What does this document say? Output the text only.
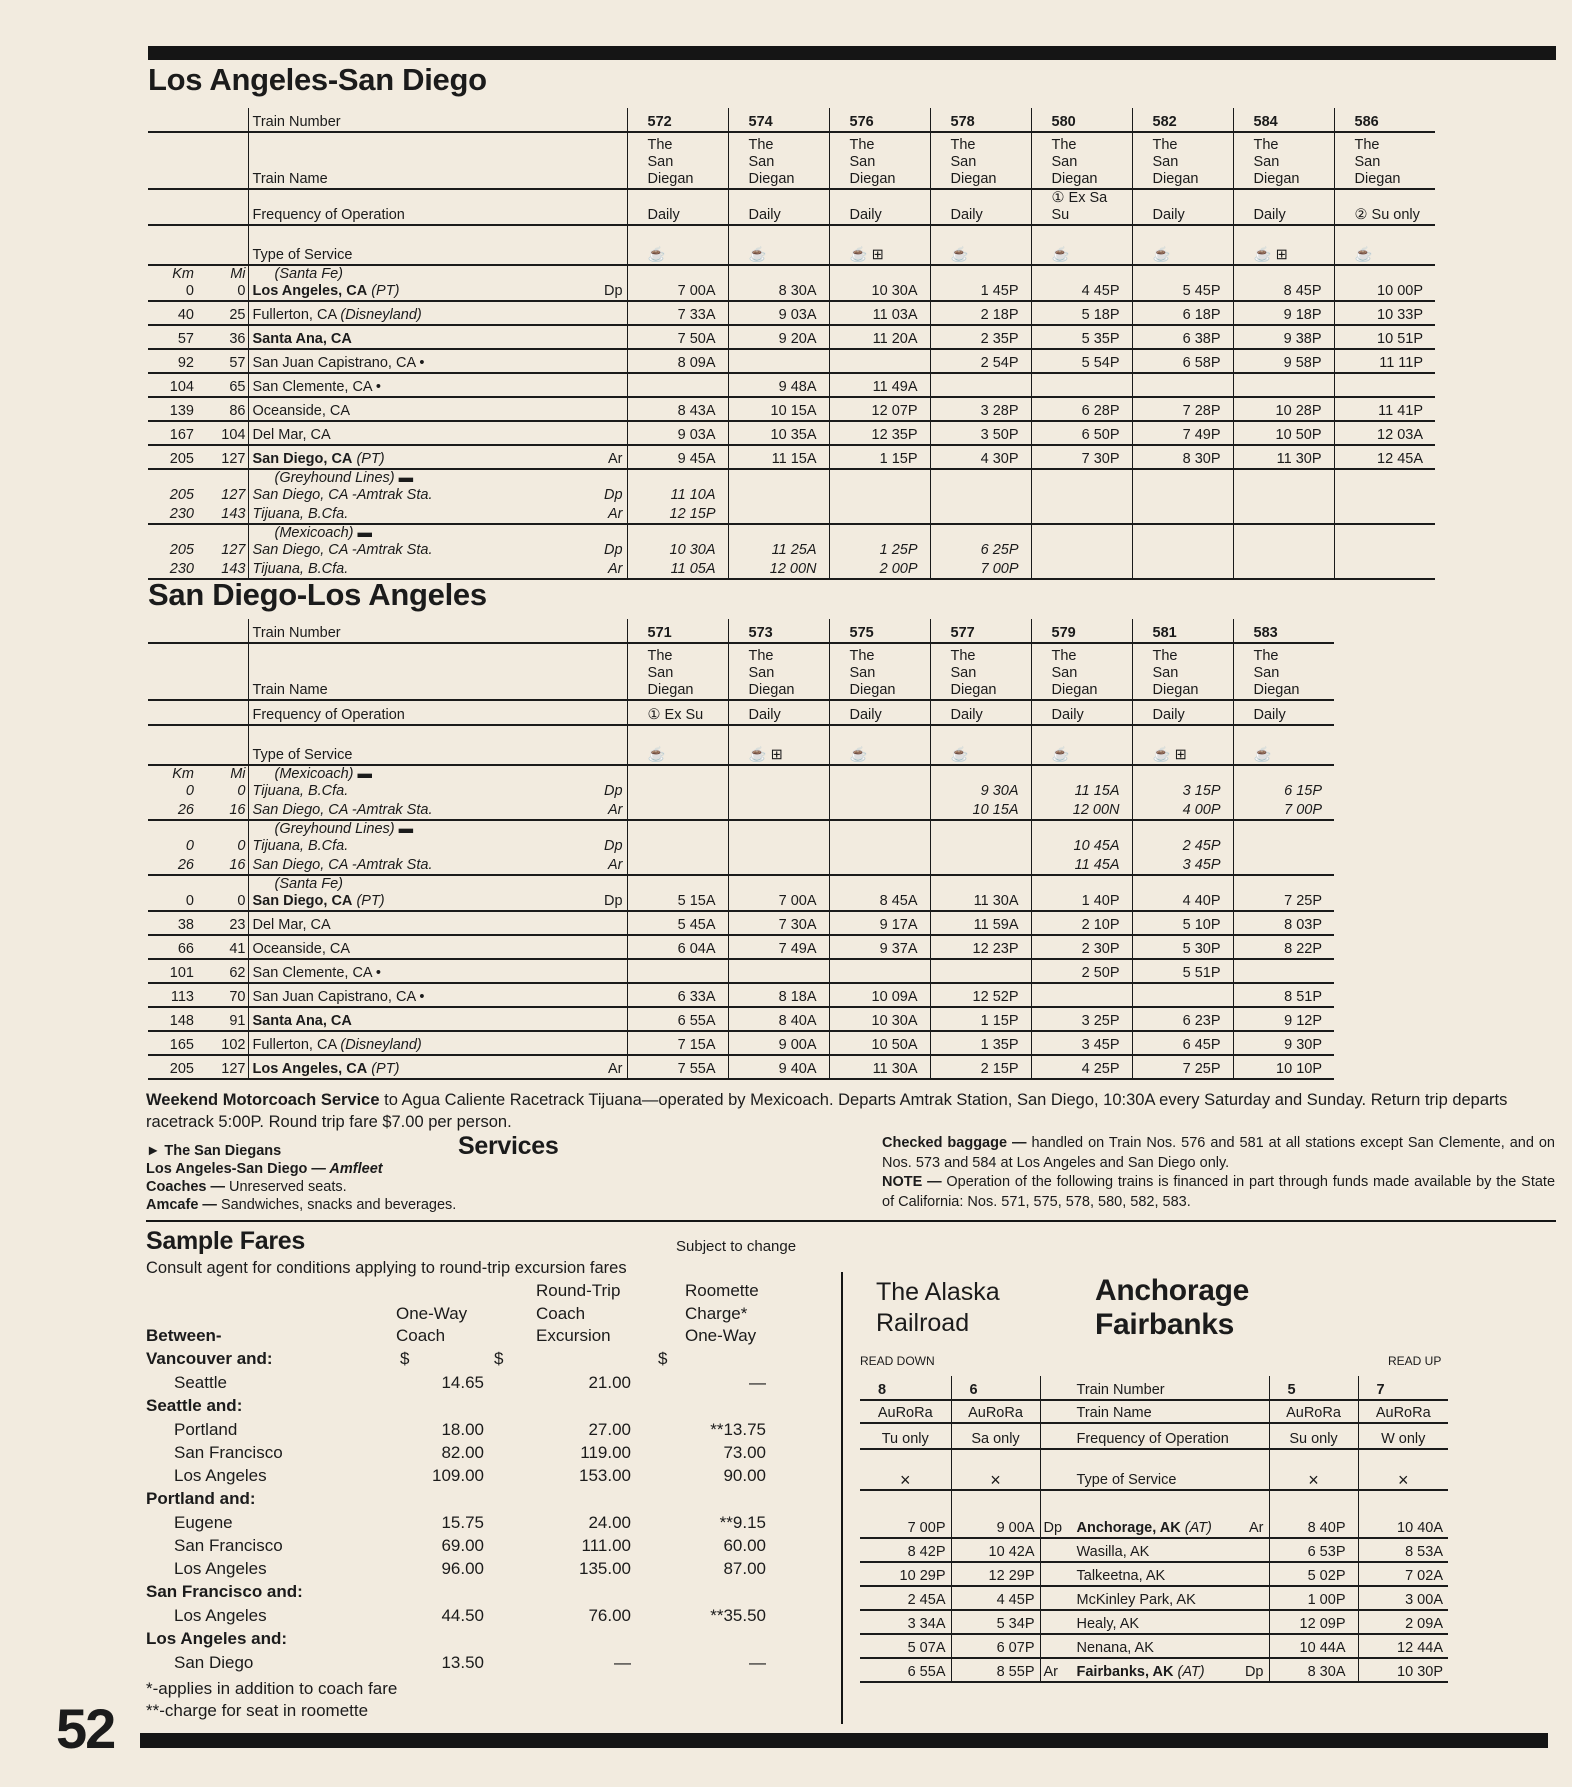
Los Angeles-San Diego
		Train Number		572	574	576	578	580	582	584	586
		Train Name		The
San
Diegan	The
San
Diegan	The
San
Diegan	The
San
Diegan	The
San
Diegan	The
San
Diegan	The
San
Diegan	The
San
Diegan
		Frequency of Operation		Daily	Daily	Daily	Daily	① Ex Sa Su	Daily	Daily	② Su only
		Type of Service		☕	☕	☕ ⊞	☕	☕	☕	☕ ⊞	☕
Km	Mi	(Santa Fe)									
0	0	Los Angeles, CA (PT)	Dp	7 00A	8 30A	10 30A	1 45P	4 45P	5 45P	8 45P	10 00P
40	25	Fullerton, CA (Disneyland)		7 33A	9 03A	11 03A	2 18P	5 18P	6 18P	9 18P	10 33P
57	36	Santa Ana, CA		7 50A	9 20A	11 20A	2 35P	5 35P	6 38P	9 38P	10 51P
92	57	San Juan Capistrano, CA •		8 09A			2 54P	5 54P	6 58P	9 58P	11 11P
104	65	San Clemente, CA •			9 48A	11 49A					
139	86	Oceanside, CA		8 43A	10 15A	12 07P	3 28P	6 28P	7 28P	10 28P	11 41P
167	104	Del Mar, CA		9 03A	10 35A	12 35P	3 50P	6 50P	7 49P	10 50P	12 03A
205	127	San Diego, CA (PT)	Ar	9 45A	11 15A	1 15P	4 30P	7 30P	8 30P	11 30P	12 45A
		(Greyhound Lines) ▬									
205	127	San Diego, CA -Amtrak Sta.	Dp	11 10A							
230	143	Tijuana, B.Cfa.	Ar	12 15P							
		(Mexicoach) ▬									
205	127	San Diego, CA -Amtrak Sta.	Dp	10 30A	11 25A	1 25P	6 25P				
230	143	Tijuana, B.Cfa.	Ar	11 05A	12 00N	2 00P	7 00P				
San Diego-Los Angeles
		Train Number		571	573	575	577	579	581	583
		Train Name		The
San
Diegan	The
San
Diegan	The
San
Diegan	The
San
Diegan	The
San
Diegan	The
San
Diegan	The
San
Diegan
		Frequency of Operation		① Ex Su	Daily	Daily	Daily	Daily	Daily	Daily
		Type of Service		☕	☕ ⊞	☕	☕	☕	☕ ⊞	☕
Km	Mi	(Mexicoach) ▬								
0	0	Tijuana, B.Cfa.	Dp				9 30A	11 15A	3 15P	6 15P
26	16	San Diego, CA -Amtrak Sta.	Ar				10 15A	12 00N	4 00P	7 00P
		(Greyhound Lines) ▬								
0	0	Tijuana, B.Cfa.	Dp					10 45A	2 45P	
26	16	San Diego, CA -Amtrak Sta.	Ar					11 45A	3 45P	
		(Santa Fe)								
0	0	San Diego, CA (PT)	Dp	5 15A	7 00A	8 45A	11 30A	1 40P	4 40P	7 25P
38	23	Del Mar, CA		5 45A	7 30A	9 17A	11 59A	2 10P	5 10P	8 03P
66	41	Oceanside, CA		6 04A	7 49A	9 37A	12 23P	2 30P	5 30P	8 22P
101	62	San Clemente, CA •						2 50P	5 51P	
113	70	San Juan Capistrano, CA •		6 33A	8 18A	10 09A	12 52P			8 51P
148	91	Santa Ana, CA		6 55A	8 40A	10 30A	1 15P	3 25P	6 23P	9 12P
165	102	Fullerton, CA (Disneyland)		7 15A	9 00A	10 50A	1 35P	3 45P	6 45P	9 30P
205	127	Los Angeles, CA (PT)	Ar	7 55A	9 40A	11 30A	2 15P	4 25P	7 25P	10 10P
Weekend Motorcoach Service to Agua Caliente Racetrack Tijuana—operated by Mexicoach. Departs Amtrak Station, San Diego, 10:30A every Saturday and Sunday. Return trip departs racetrack 5:00P. Round trip fare $7.00 per person.
► The San Diegans
Los Angeles-San Diego — Amfleet
Coaches — Unreserved seats.
Amcafe — Sandwiches, snacks and beverages.
Services	Checked baggage — handled on Train Nos. 576 and 581 at all stations except San Clemente, and on Nos. 573 and 584 at Los Angeles and San Diego only.
NOTE — Operation of the following trains is financed in part through funds made available by the State of California: Nos. 571, 575, 578, 580, 582, 583.
Sample Fares	Subject to change
Consult agent for conditions applying to round-trip excursion fares
Between-	One-Way
Coach	Round-Trip
Coach
Excursion	Roomette
Charge*
One-Way
Vancouver and:	$	$	$
Seattle	14.65	21.00	—
Seattle and:			
Portland	18.00	27.00	**13.75
San Francisco	82.00	119.00	73.00
Los Angeles	109.00	153.00	90.00
Portland and:			
Eugene	15.75	24.00	**9.15
San Francisco	69.00	111.00	60.00
Los Angeles	96.00	135.00	87.00
San Francisco and:			
Los Angeles	44.50	76.00	**35.50
Los Angeles and:			
San Diego	13.50	—	—
*-applies in addition to coach fare
**-charge for seat in roomette
The Alaska
Railroad
Anchorage
Fairbanks
READ DOWN	READ UP
8	6	Train Number	5	7
AuRoRa	AuRoRa	Train Name	AuRoRa	AuRoRa
Tu only	Sa only	Frequency of Operation	Su only	W only
×	×	Type of Service	×	×
7 00P	9 00A	Dp Anchorage, AK (AT) Ar	8 40P	10 40A
8 42P	10 42A	Wasilla, AK	6 53P	8 53A
10 29P	12 29P	Talkeetna, AK	5 02P	7 02A
2 45A	4 45P	McKinley Park, AK	1 00P	3 00A
3 34A	5 34P	Healy, AK	12 09P	2 09A
5 07A	6 07P	Nenana, AK	10 44A	12 44A
6 55A	8 55P	Ar Fairbanks, AK (AT) Dp	8 30A	10 30P
52
